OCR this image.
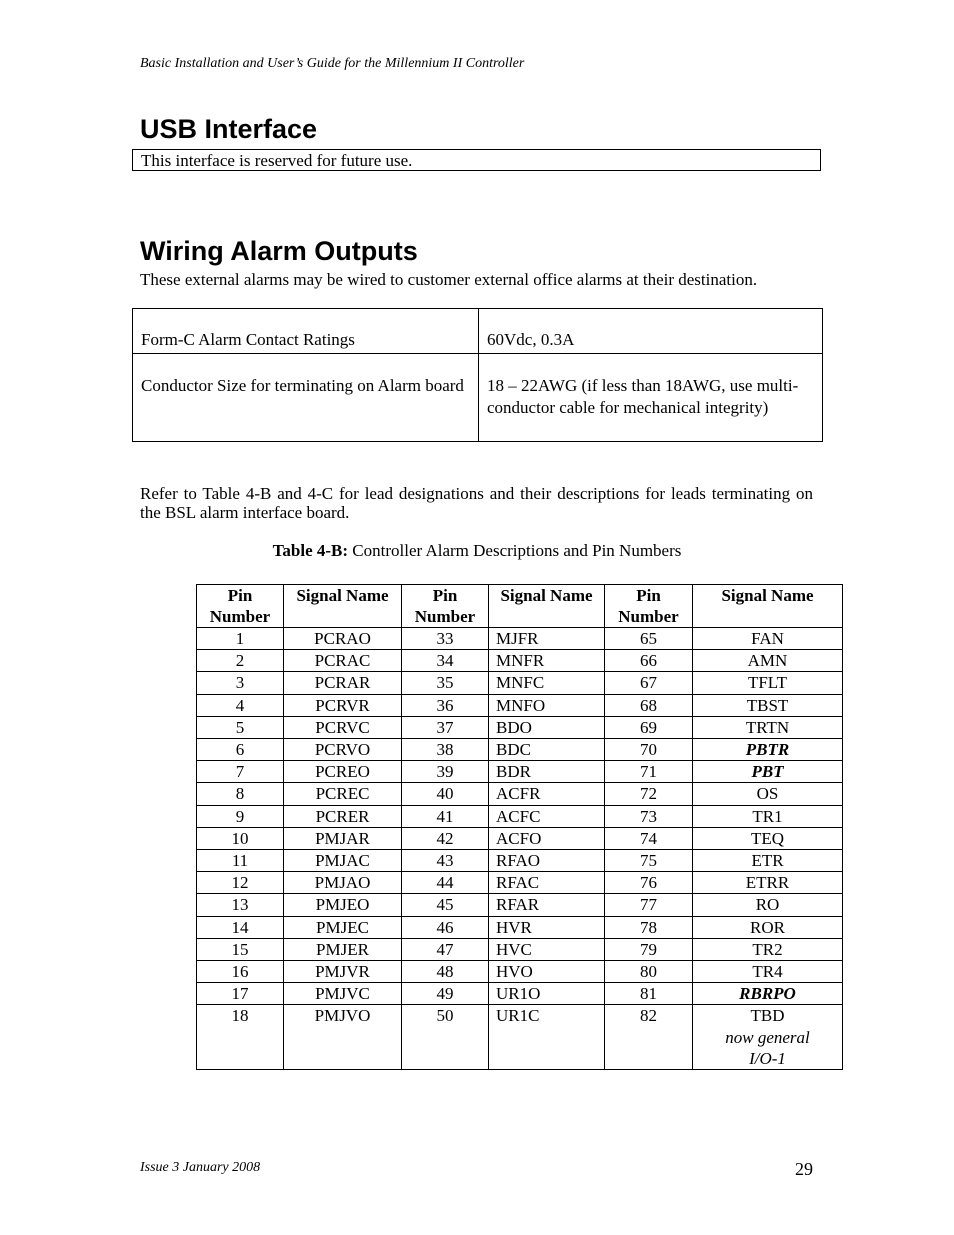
Basic Installation and User’s Guide for the Millennium II Controller
USB Interface
This interface is reserved for future use.
Wiring Alarm Outputs
These external alarms may be wired to customer external office alarms at their destination.
Form-C Alarm Contact Ratings	60Vdc, 0.3A
Conductor Size for terminating on Alarm board	18 – 22AWG (if less than 18AWG, use multi-conductor cable for mechanical integrity)
Refer to Table 4-B and 4-C for lead designations and their descriptions for leads terminating on the BSL alarm interface board.
Table 4-B: Controller Alarm Descriptions and Pin Numbers
Pin Number	Signal Name	Pin Number	Signal Name	Pin Number	Signal Name
1	PCRAO	33	MJFR	65	FAN
2	PCRAC	34	MNFR	66	AMN
3	PCRAR	35	MNFC	67	TFLT
4	PCRVR	36	MNFO	68	TBST
5	PCRVC	37	BDO	69	TRTN
6	PCRVO	38	BDC	70	PBTR
7	PCREO	39	BDR	71	PBT
8	PCREC	40	ACFR	72	OS
9	PCRER	41	ACFC	73	TR1
10	PMJAR	42	ACFO	74	TEQ
11	PMJAC	43	RFAO	75	ETR
12	PMJAO	44	RFAC	76	ETRR
13	PMJEO	45	RFAR	77	RO
14	PMJEC	46	HVR	78	ROR
15	PMJER	47	HVC	79	TR2
16	PMJVR	48	HVO	80	TR4
17	PMJVC	49	UR1O	81	RBRPO
18	PMJVO	50	UR1C	82	TBD
now general
I/O-1
Issue 3 January 2008	29
